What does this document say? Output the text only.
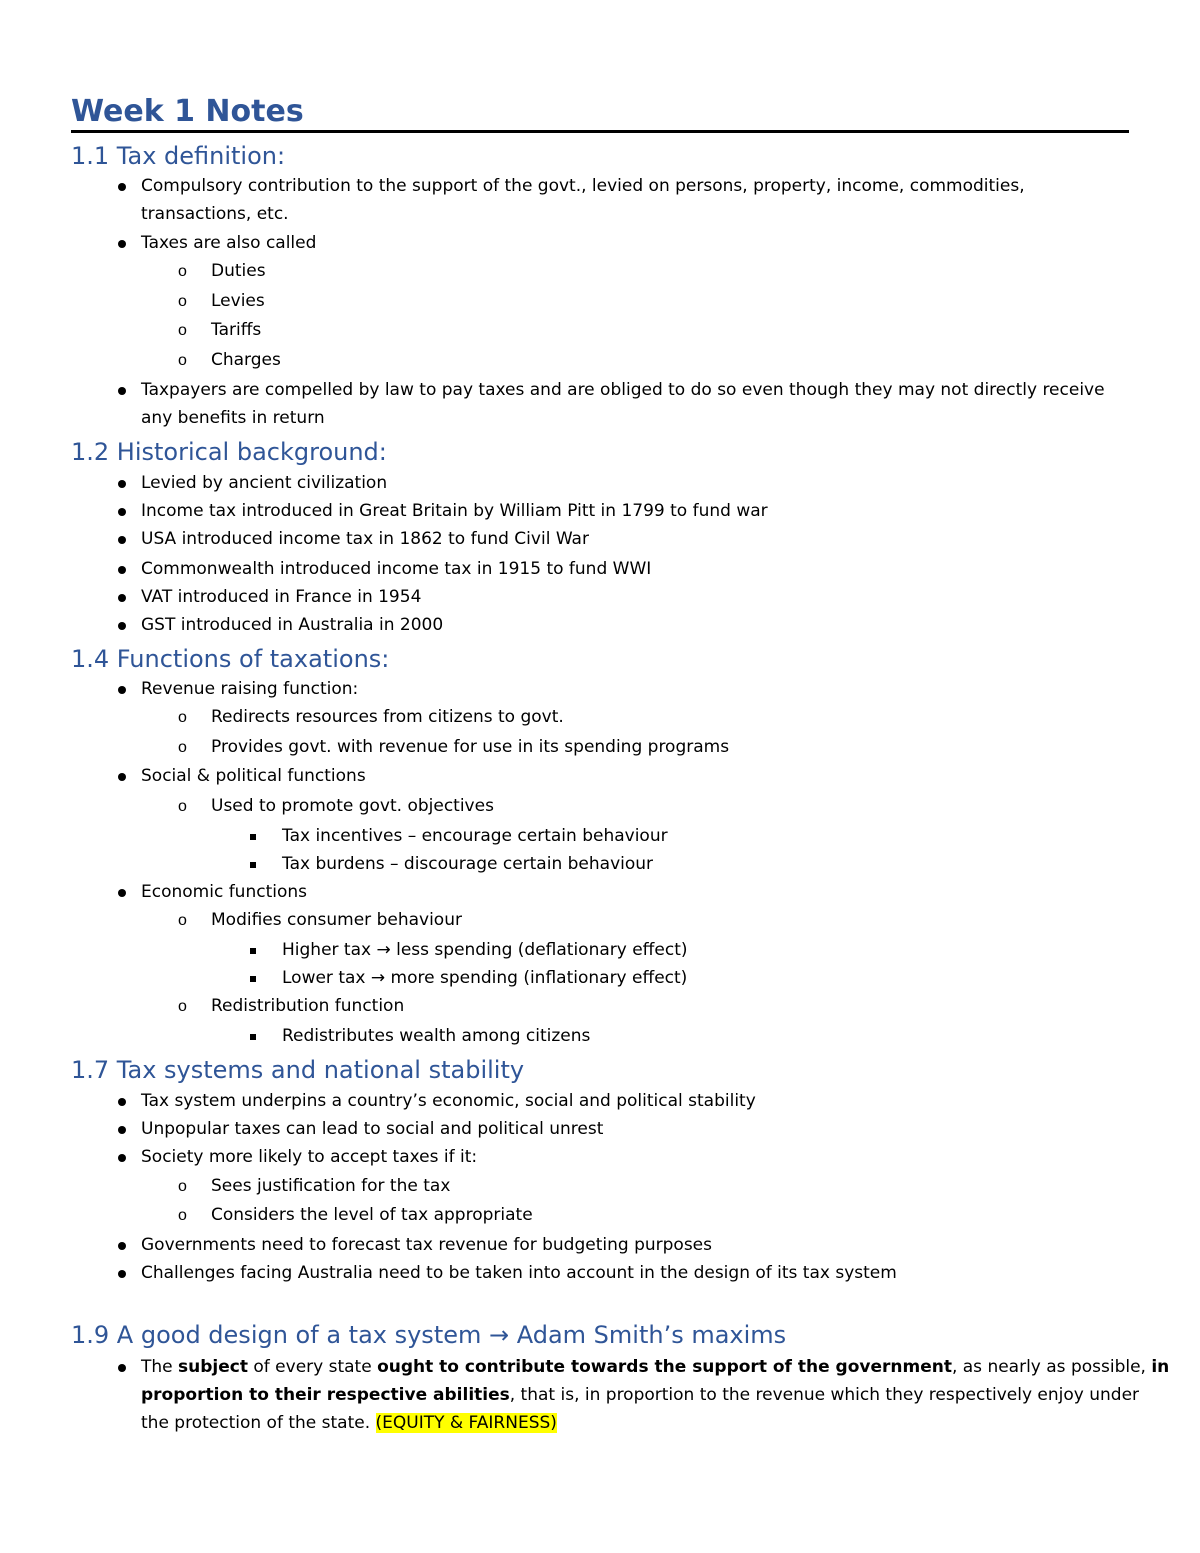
Week 1 Notes
1.1 Tax definition:
Compulsory contribution to the support of the govt., levied on persons, property, income, commodities,
transactions, etc.
Taxes are also called
o Duties
o Levies
o Tariffs
o Charges
Taxpayers are compelled by law to pay taxes and are obliged to do so even though they may not directly receive
any benefits in return
1.2 Historical background:
Levied by ancient civilization
Income tax introduced in Great Britain by William Pitt in 1799 to fund war
USA introduced income tax in 1862 to fund Civil War
Commonwealth introduced income tax in 1915 to fund WWI
VAT introduced in France in 1954
GST introduced in Australia in 2000
1.4 Functions of taxations:
Revenue raising function:
o Redirects resources from citizens to govt.
o Provides govt. with revenue for use in its spending programs
Social & political functions
o Used to promote govt. objectives
Tax incentives – encourage certain behaviour
Tax burdens – discourage certain behaviour
Economic functions
o Modifies consumer behaviour
Higher tax → less spending (deflationary effect)
Lower tax → more spending (inflationary effect)
o Redistribution function
Redistributes wealth among citizens
1.7 Tax systems and national stability
Tax system underpins a country’s economic, social and political stability
Unpopular taxes can lead to social and political unrest
Society more likely to accept taxes if it:
o Sees justification for the tax
o Considers the level of tax appropriate
Governments need to forecast tax revenue for budgeting purposes
Challenges facing Australia need to be taken into account in the design of its tax system
1.9 A good design of a tax system → Adam Smith’s maxims
The subject of every state ought to contribute towards the support of the government, as nearly as possible, in
proportion to their respective abilities, that is, in proportion to the revenue which they respectively enjoy under
the protection of the state. (EQUITY & FAIRNESS)
